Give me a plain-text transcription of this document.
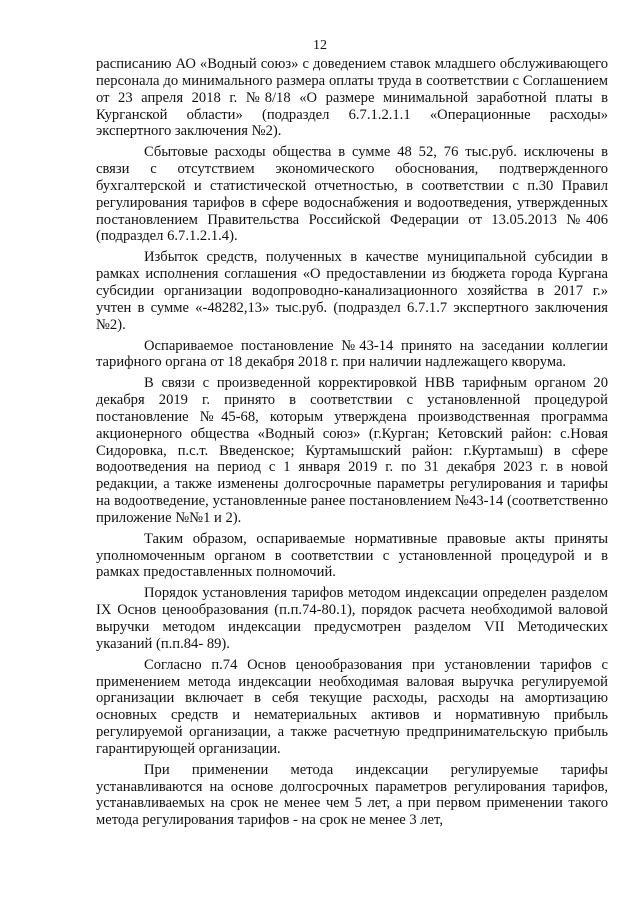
12

расписанию АО «Водный союз» с доведением ставок младшего обслуживающего персонала до минимального размера оплаты труда в соответствии с Соглашением от 23 апреля 2018 г. №8/18 «О размере минимальной заработной платы в Курганской области» (подраздел 6.7.1.2.1.1 «Операционные расходы» экспертного заключения №2).

Сбытовые расходы общества в сумме 48 52, 76 тыс.руб. исключены в связи с отсутствием экономического обоснования, подтвержденного бухгалтерской и статистической отчетностью, в соответствии с п.30 Правил регулирования тарифов в сфере водоснабжения и водоотведения, утвержденных постановлением Правительства Российской Федерации от 13.05.2013 №406 (подраздел 6.7.1.2.1.4).

Избыток средств, полученных в качестве муниципальной субсидии в рамках исполнения соглашения «О предоставлении из бюджета города Кургана субсидии организации водопроводно-канализационного хозяйства в 2017 г.» учтен в сумме «-48282,13» тыс.руб. (подраздел 6.7.1.7 экспертного заключения №2).

Оспариваемое постановление №43-14 принято на заседании коллегии тарифного органа от 18 декабря 2018 г. при наличии надлежащего кворума.

В связи с произведенной корректировкой НВВ тарифным органом 20 декабря 2019 г. принято в соответствии с установленной процедурой постановление №45-68, которым утверждена производственная программа акционерного общества «Водный союз» (г.Курган; Кетовский район: с.Новая Сидоровка, п.с.т. Введенское; Куртамышский район: г.Куртамыш) в сфере водоотведения на период с 1 января 2019 г. по 31 декабря 2023 г. в новой редакции, а также изменены долгосрочные параметры регулирования и тарифы на водоотведение, установленные ранее постановлением №43-14 (соответственно приложение №№1 и 2).

Таким образом, оспариваемые нормативные правовые акты приняты уполномоченным органом в соответствии с установленной процедурой и в рамках предоставленных полномочий.

Порядок установления тарифов методом индексации определен разделом IX Основ ценообразования (п.п.74-80.1), порядок расчета необходимой валовой выручки методом индексации предусмотрен разделом VII Методических указаний (п.п.84- 89).

Согласно п.74 Основ ценообразования при установлении тарифов с применением метода индексации необходимая валовая выручка регулируемой организации включает в себя текущие расходы, расходы на амортизацию основных средств и нематериальных активов и нормативную прибыль регулируемой организации, а также расчетную предпринимательскую прибыль гарантирующей организации.

При применении метода индексации регулируемые тарифы устанавливаются на основе долгосрочных параметров регулирования тарифов, устанавливаемых на срок не менее чем 5 лет, а при первом применении такого метода регулирования тарифов - на срок не менее 3 лет,
